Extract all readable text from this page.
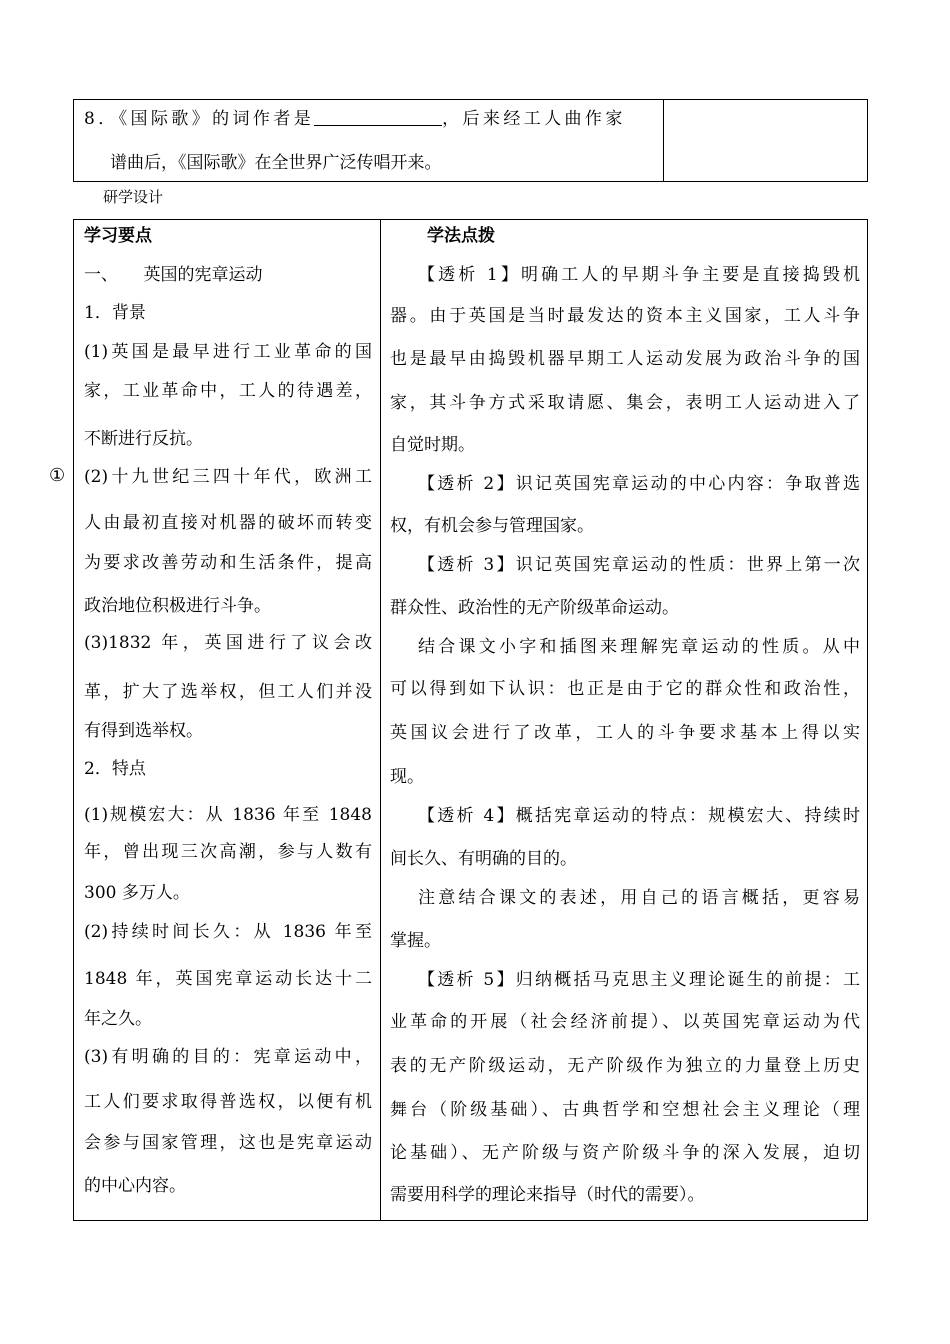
8．《国际歌》的词作者是	，后来经工人曲作家
谱曲后，《国际歌》在全世界广泛传唱开来。
研学设计
①
学习要点
一、　　英国的宪章运动
1．背景
(1)英国是最早进行工业革命的国
家，工业革命中，工人的待遇差，
不断进行反抗。
(2)十九世纪三四十年代，欧洲工
人由最初直接对机器的破坏而转变
为要求改善劳动和生活条件，提高
政治地位积极进行斗争。
(3)1832 年，英国进行了议会改
革，扩大了选举权，但工人们并没
有得到选举权。
2．特点
(1)规模宏大：从 1836 年至 1848
年，曾出现三次高潮，参与人数有
300 多万人。
(2)持续时间长久：从 1836 年至
1848 年，英国宪章运动长达十二
年之久。
(3)有明确的目的：宪章运动中，
工人们要求取得普选权，以便有机
会参与国家管理，这也是宪章运动
的中心内容。
学法点拨
【透析 1】明确工人的早期斗争主要是直接捣毁机
器。由于英国是当时最发达的资本主义国家，工人斗争
也是最早由捣毁机器早期工人运动发展为政治斗争的国
家，其斗争方式采取请愿、集会，表明工人运动进入了
自觉时期。
【透析 2】识记英国宪章运动的中心内容：争取普选
权，有机会参与管理国家。
【透析 3】识记英国宪章运动的性质：世界上第一次
群众性、政治性的无产阶级革命运动。
结合课文小字和插图来理解宪章运动的性质。从中
可以得到如下认识：也正是由于它的群众性和政治性，
英国议会进行了改革，工人的斗争要求基本上得以实
现。
【透析 4】概括宪章运动的特点：规模宏大、持续时
间长久、有明确的目的。
注意结合课文的表述，用自己的语言概括，更容易
掌握。
【透析 5】归纳概括马克思主义理论诞生的前提：工
业革命的开展（社会经济前提）、以英国宪章运动为代
表的无产阶级运动，无产阶级作为独立的力量登上历史
舞台（阶级基础）、古典哲学和空想社会主义理论（理
论基础）、无产阶级与资产阶级斗争的深入发展，迫切
需要用科学的理论来指导（时代的需要）。
